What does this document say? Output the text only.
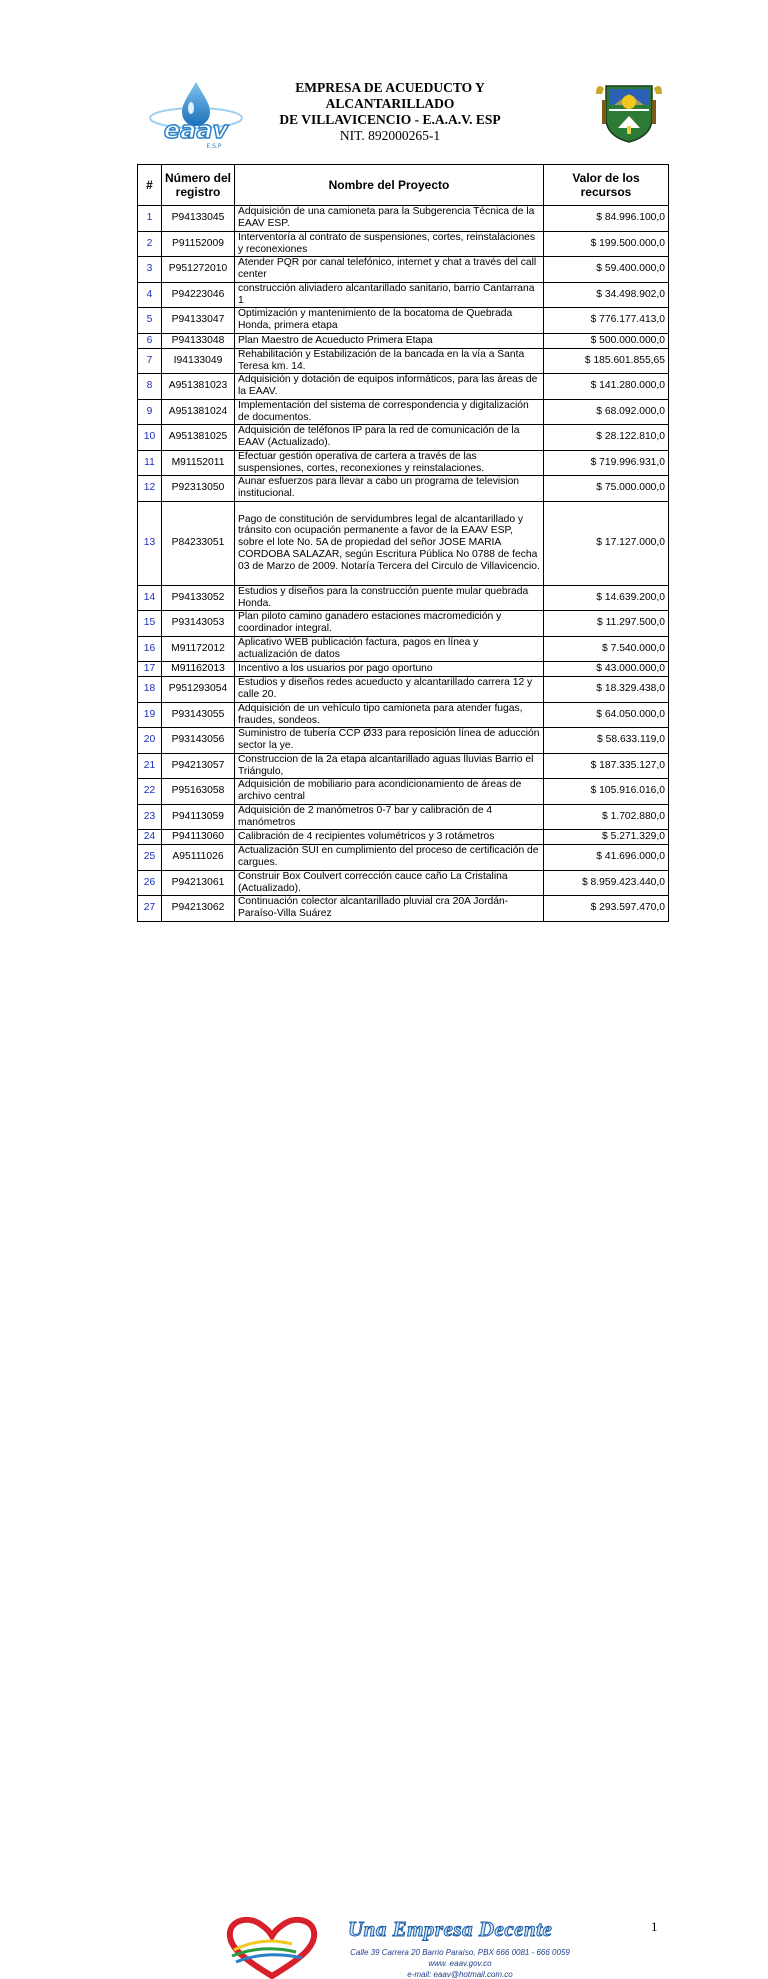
eaav
E.S.P
EMPRESA DE ACUEDUCTO Y ALCANTARILLADO
DE VILLAVICENCIO - E.A.A.V. ESP
NIT. 892000265-1
#	Número del registro	Nombre del Proyecto	Valor de los recursos
1	P94133045	Adquisición de una camioneta para la Subgerencia Técnica de la EAAV ESP.	$ 84.996.100,0
2	P91152009	Interventoría al contrato de suspensiones, cortes, reinstalaciones y reconexiones	$ 199.500.000,0
3	P951272010	Atender PQR por canal telefónico, internet y chat a través del call center	$ 59.400.000,0
4	P94223046	construcción aliviadero alcantarillado sanitario, barrio Cantarrana 1	$ 34.498.902,0
5	P94133047	Optimización y mantenimiento de la bocatoma de Quebrada Honda, primera etapa	$ 776.177.413,0
6	P94133048	Plan Maestro de Acueducto Primera Etapa	$ 500.000.000,0
7	I94133049	Rehabilitación y Estabilización de la bancada en la vía a Santa Teresa km. 14.	$ 185.601.855,65
8	A951381023	Adquisición y dotación de equipos informáticos, para las áreas de la EAAV.	$ 141.280.000,0
9	A951381024	Implementación del sistema de correspondencia y digitalización de documentos.	$ 68.092.000,0
10	A951381025	Adquisición de teléfonos IP para la red de comunicación de la EAAV (Actualizado).	$ 28.122.810,0
11	M91152011	Efectuar gestión operativa de cartera a través de las suspensiones, cortes, reconexiones y reinstalaciones.	$ 719.996.931,0
12	P92313050	Aunar esfuerzos para llevar a cabo un programa de television institucional.	$ 75.000.000,0
13	P84233051	Pago de constitución de servidumbres legal de alcantarillado y tránsito con ocupación permanente a favor de la EAAV ESP, sobre el lote No. 5A de propiedad del señor JOSE MARIA CORDOBA SALAZAR, según Escritura Pública No 0788 de fecha 03 de Marzo de 2009. Notaría Tercera del Circulo de Villavicencio.	$ 17.127.000,0
14	P94133052	Estudios y diseños para la construcción puente mular quebrada Honda.	$ 14.639.200,0
15	P93143053	Plan piloto camino ganadero estaciones macromedición y coordinador integral.	$ 11.297.500,0
16	M91172012	Aplicativo WEB publicación factura, pagos en línea y actualización de datos	$ 7.540.000,0
17	M91162013	Incentivo a los usuarios por pago oportuno	$ 43.000.000,0
18	P951293054	Estudios y diseños redes acueducto y alcantarillado carrera 12 y calle 20.	$ 18.329.438,0
19	P93143055	Adquisición de un vehículo tipo camioneta para atender fugas, fraudes, sondeos.	$ 64.050.000,0
20	P93143056	Suministro de tubería CCP Ø33 para reposición línea de aducción sector la ye.	$ 58.633.119,0
21	P94213057	Construccion de la 2a etapa alcantarillado aguas lluvias Barrio el Triángulo,	$ 187.335.127,0
22	P95163058	Adquisición de mobiliario para acondicionamiento de áreas de archivo central	$ 105.916.016,0
23	P94113059	Adquisición de 2 manómetros 0-7 bar y calibración de 4 manómetros	$ 1.702.880,0
24	P94113060	Calibración de 4 recipientes volumétricos y 3 rotámetros	$ 5.271.329,0
25	A95111026	Actualización SUI en cumplimiento del proceso de certificación de cargues.	$ 41.696.000,0
26	P94213061	Construir Box Coulvert corrección cauce caño La Cristalina (Actualizado).	$ 8.959.423.440,0
27	P94213062	Continuación colector alcantarillado pluvial cra 20A Jordán-Paraíso-Villa Suárez	$ 293.597.470,0
Una Empresa Decente
Calle 39 Carrera 20 Barrio Paraíso, PBX 666 0081 - 666 0059
www. eaav.gov.co
e-mail: eaav@hotmail.com.co
1
